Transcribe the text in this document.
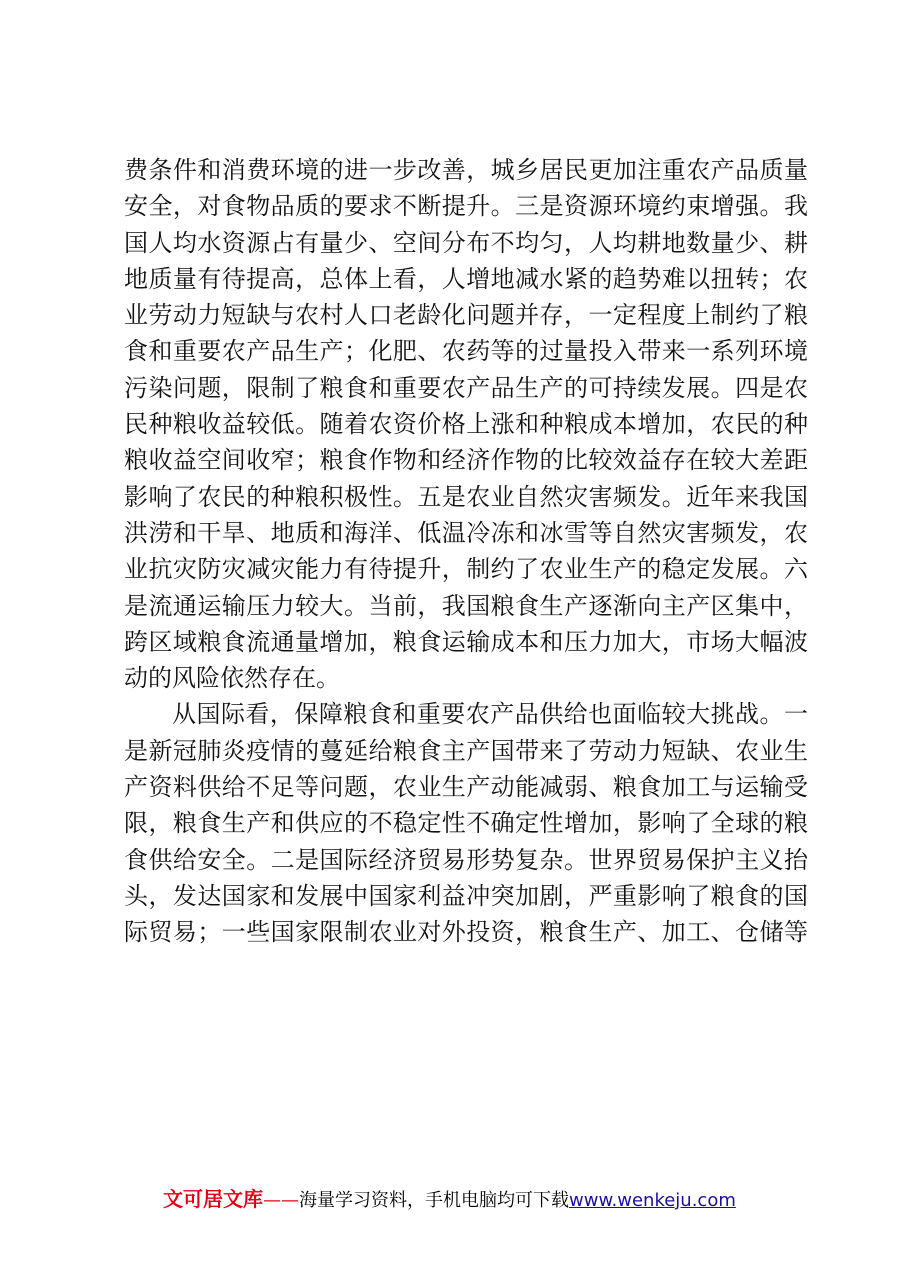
费条件和消费环境的进一步改善，城乡居民更加注重农产品质量
安全，对食物品质的要求不断提升。三是资源环境约束增强。我
国人均水资源占有量少、空间分布不均匀，人均耕地数量少、耕
地质量有待提高，总体上看，人增地减水紧的趋势难以扭转；农
业劳动力短缺与农村人口老龄化问题并存，一定程度上制约了粮
食和重要农产品生产；化肥、农药等的过量投入带来一系列环境
污染问题，限制了粮食和重要农产品生产的可持续发展。四是农
民种粮收益较低。随着农资价格上涨和种粮成本增加，农民的种
粮收益空间收窄；粮食作物和经济作物的比较效益存在较大差距
影响了农民的种粮积极性。五是农业自然灾害频发。近年来我国
洪涝和干旱、地质和海洋、低温冷冻和冰雪等自然灾害频发，农
业抗灾防灾减灾能力有待提升，制约了农业生产的稳定发展。六
是流通运输压力较大。当前，我国粮食生产逐渐向主产区集中，
跨区域粮食流通量增加，粮食运输成本和压力加大，市场大幅波
动的风险依然存在。
从国际看，保障粮食和重要农产品供给也面临较大挑战。一
是新冠肺炎疫情的蔓延给粮食主产国带来了劳动力短缺、农业生
产资料供给不足等问题，农业生产动能减弱、粮食加工与运输受
限，粮食生产和供应的不稳定性不确定性增加，影响了全球的粮
食供给安全。二是国际经济贸易形势复杂。世界贸易保护主义抬
头，发达国家和发展中国家利益冲突加剧，严重影响了粮食的国
际贸易；一些国家限制农业对外投资，粮食生产、加工、仓储等
文可居文库——海量学习资料，手机电脑均可下载www.wenkeju.com
